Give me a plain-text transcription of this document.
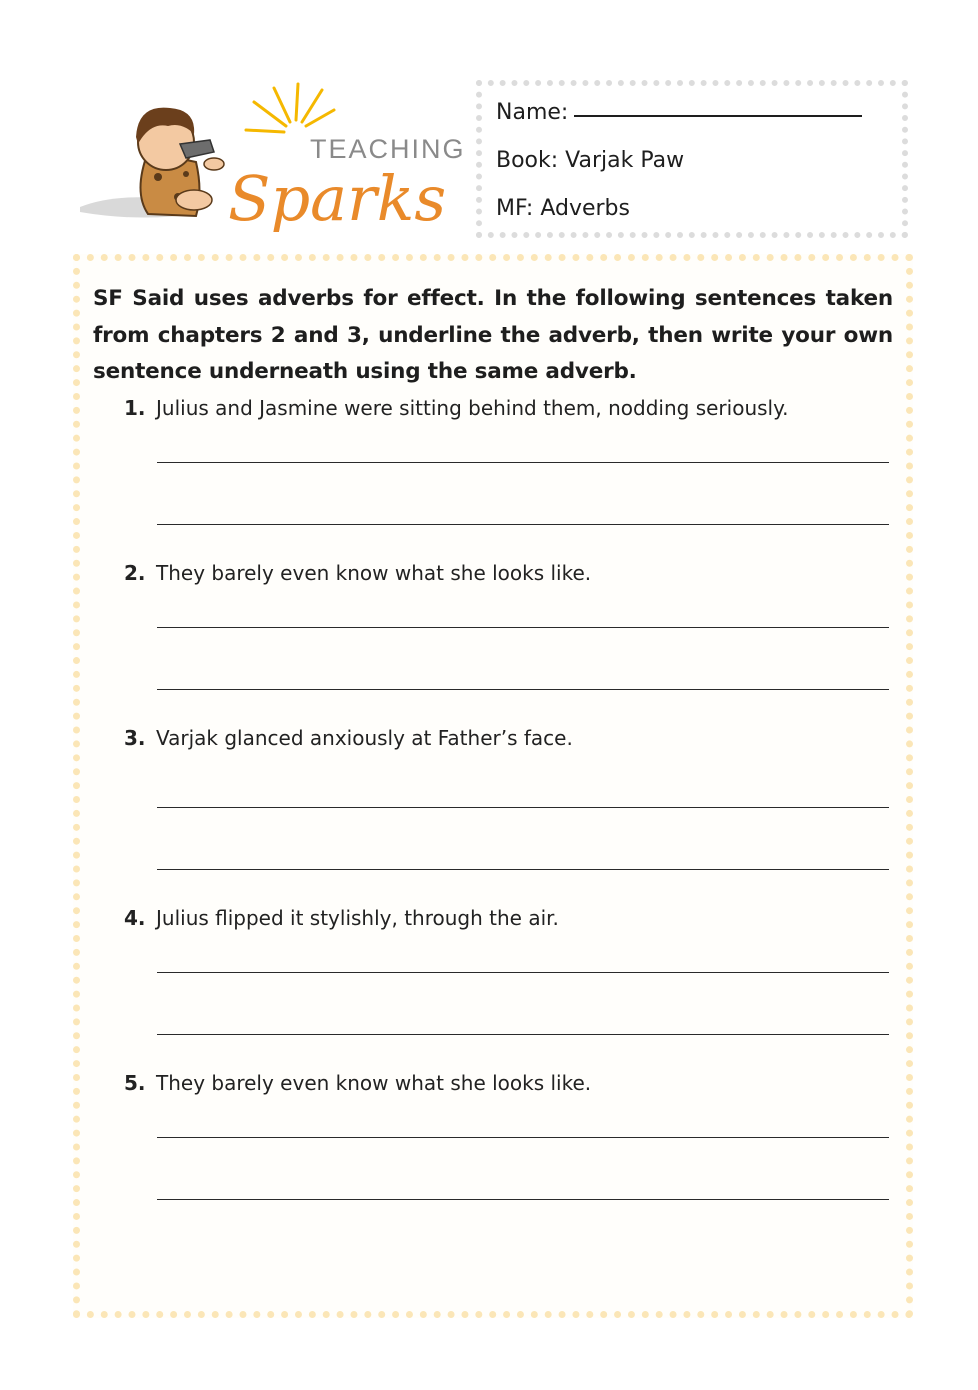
TEACHING
Sparks
Name:
Book: Varjak Paw
MF: Adverbs
SF Said uses adverbs for effect. In the following sentences taken from chapters 2 and 3, underline the adverb, then write your own sentence underneath using the same adverb.
1. Julius and Jasmine were sitting behind them, nodding seriously.
2. They barely even know what she looks like.
3. Varjak glanced anxiously at Father’s face.
4. Julius flipped it stylishly, through the air.
5. They barely even know what she looks like.
